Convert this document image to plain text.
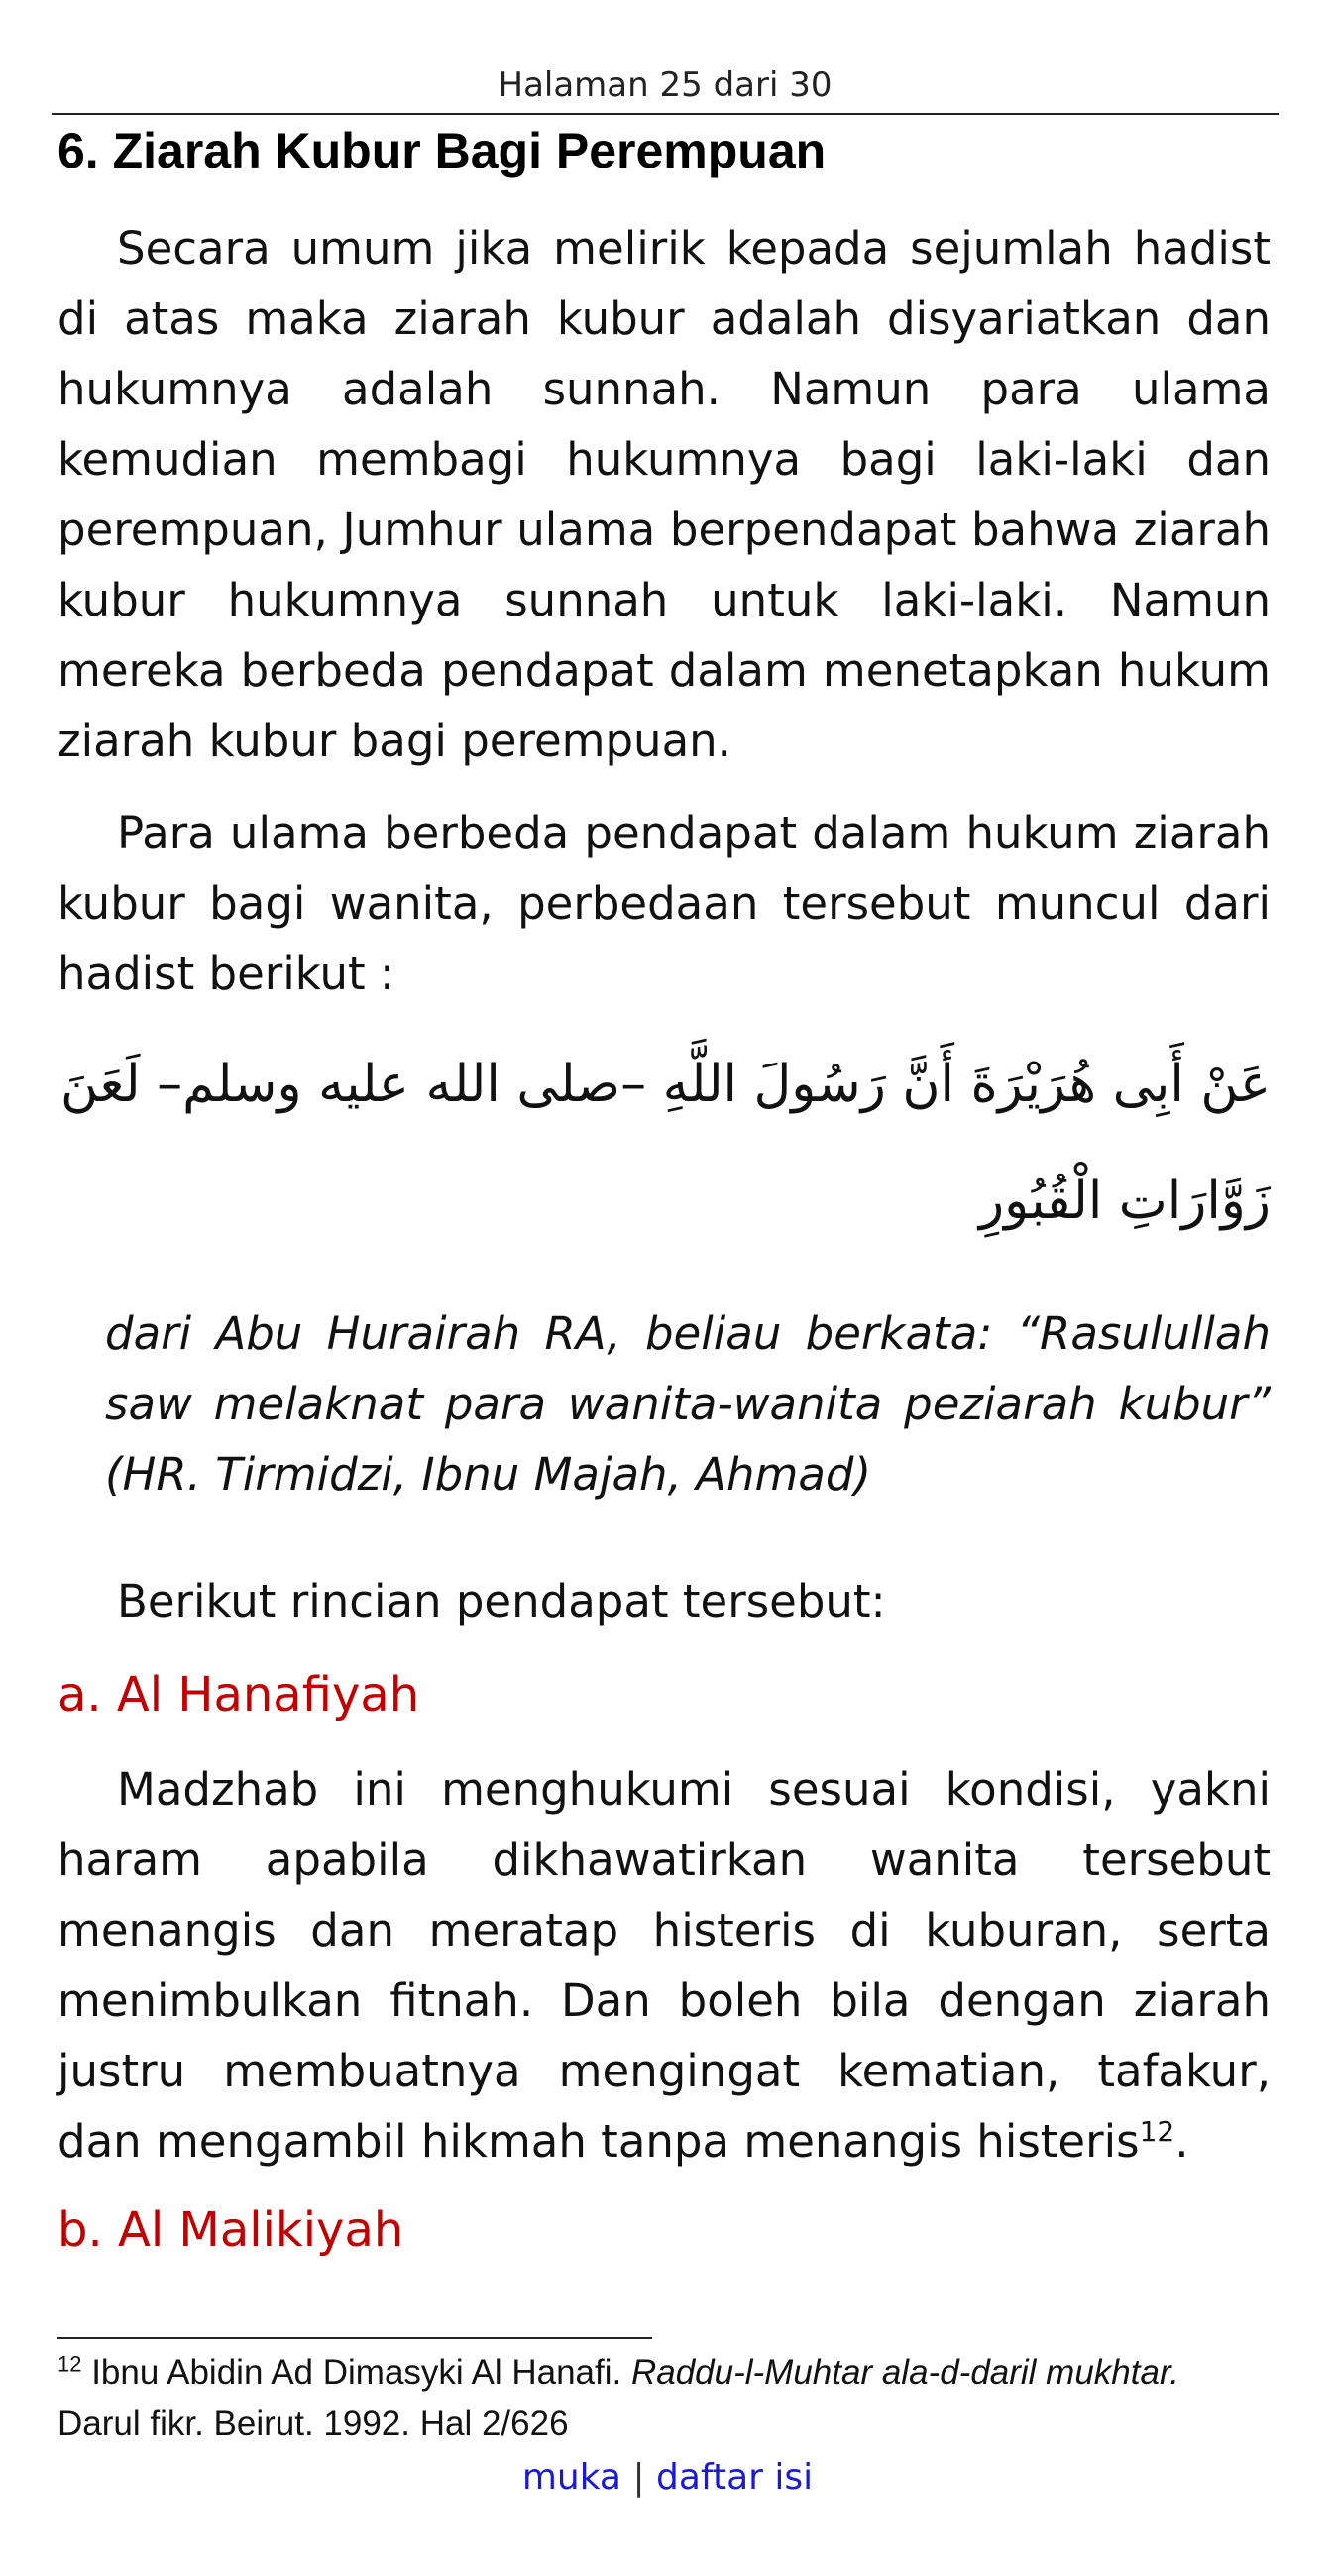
Halaman 25 dari 30
6. Ziarah Kubur Bagi Perempuan

Secara umum jika melirik kepada sejumlah hadist di atas maka ziarah kubur adalah disyariatkan dan hukumnya adalah sunnah. Namun para ulama kemudian membagi hukumnya bagi laki-laki dan perempuan, Jumhur ulama berpendapat bahwa ziarah kubur hukumnya sunnah untuk laki-laki. Namun mereka berbeda pendapat dalam menetapkan hukum ziarah kubur bagi perempuan.

Para ulama berbeda pendapat dalam hukum ziarah kubur bagi wanita, perbedaan tersebut muncul dari hadist berikut :

عَنْ أَبِى هُرَيْرَةَ أَنَّ رَسُولَ اللَّهِ –صلى الله عليه وسلم– لَعَنَ زَوَّارَاتِ الْقُبُورِ

dari Abu Hurairah RA, beliau berkata: “Rasulullah saw melaknat para wanita-wanita peziarah kubur” (HR. Tirmidzi, Ibnu Majah, Ahmad)

Berikut rincian pendapat tersebut:

a. Al Hanafiyah

Madzhab ini menghukumi sesuai kondisi, yakni haram apabila dikhawatirkan wanita tersebut menangis dan meratap histeris di kuburan, serta menimbulkan fitnah. Dan boleh bila dengan ziarah justru membuatnya mengingat kematian, tafakur, dan mengambil hikmah tanpa menangis histeris$^{12}$.

b. Al Malikiyah

$^{12}$ Ibnu Abidin Ad Dimasyki Al Hanafi. Raddu-l-Muhtar ala-d-daril mukhtar. Darul fikr. Beirut. 1992. Hal 2/626

muka | daftar isi
